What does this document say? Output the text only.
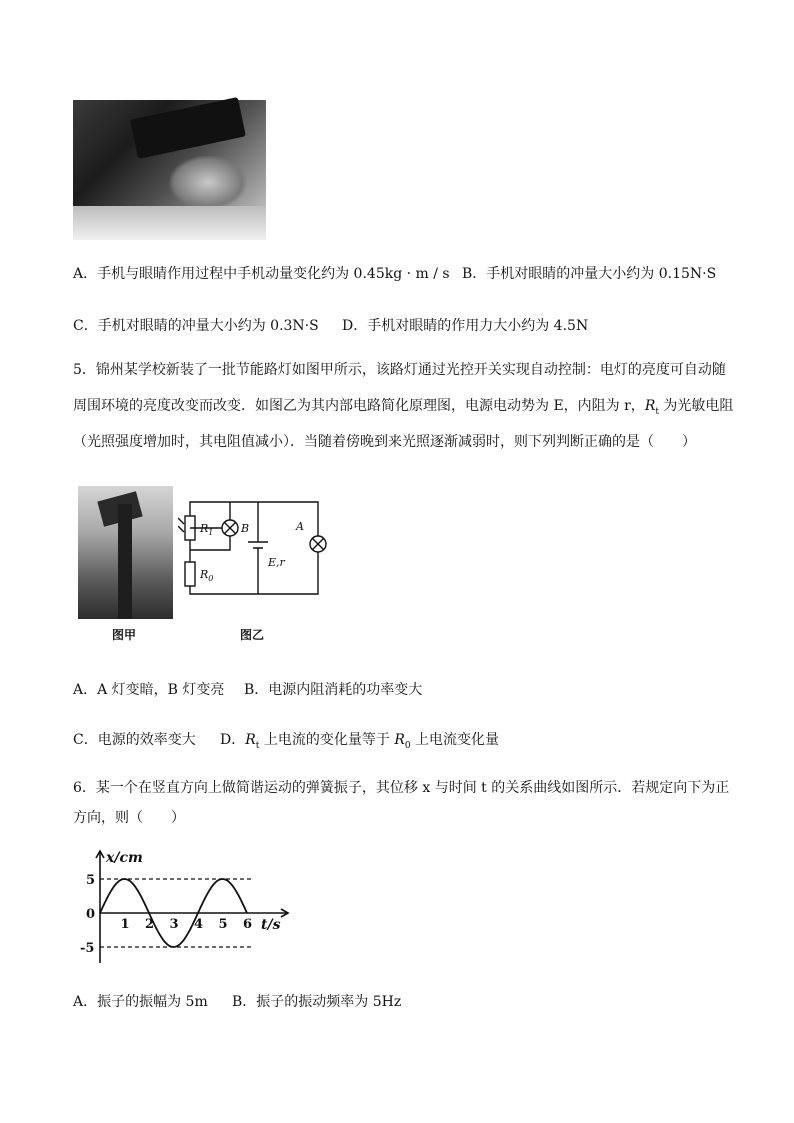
A．手机与眼睛作用过程中手机动量变化约为 0.45kg · m / s B．手机对眼睛的冲量大小约为 0.15N·S
C．手机对眼睛的冲量大小约为 0.3N·S D．手机对眼睛的作用力大小约为 4.5N
5．锦州某学校新装了一批节能路灯如图甲所示，该路灯通过光控开关实现自动控制：电灯的亮度可自动随
周围环境的亮度改变而改变．如图乙为其内部电路简化原理图，电源电动势为 E，内阻为 r，$R_t$ 为光敏电阻
（光照强度增加时，其电阻值减小）．当随着傍晚到来光照逐渐减弱时，则下列判断正确的是（　　）
图甲
$R_1$	B	A
$R_0$
E,r
图乙
A．A 灯变暗，B 灯变亮 B．电源内阻消耗的功率变大
C．电源的效率变大 D．$R_t$ 上电流的变化量等于 $R_0$ 上电流变化量
6．某一个在竖直方向上做简谐运动的弹簧振子，其位移 x 与时间 t 的关系曲线如图所示．若规定向下为正
方向，则（　　）
1 2 3 4 5 6
5
0
-5
x/cm
t/s
A．振子的振幅为 5m B．振子的振动频率为 5Hz
